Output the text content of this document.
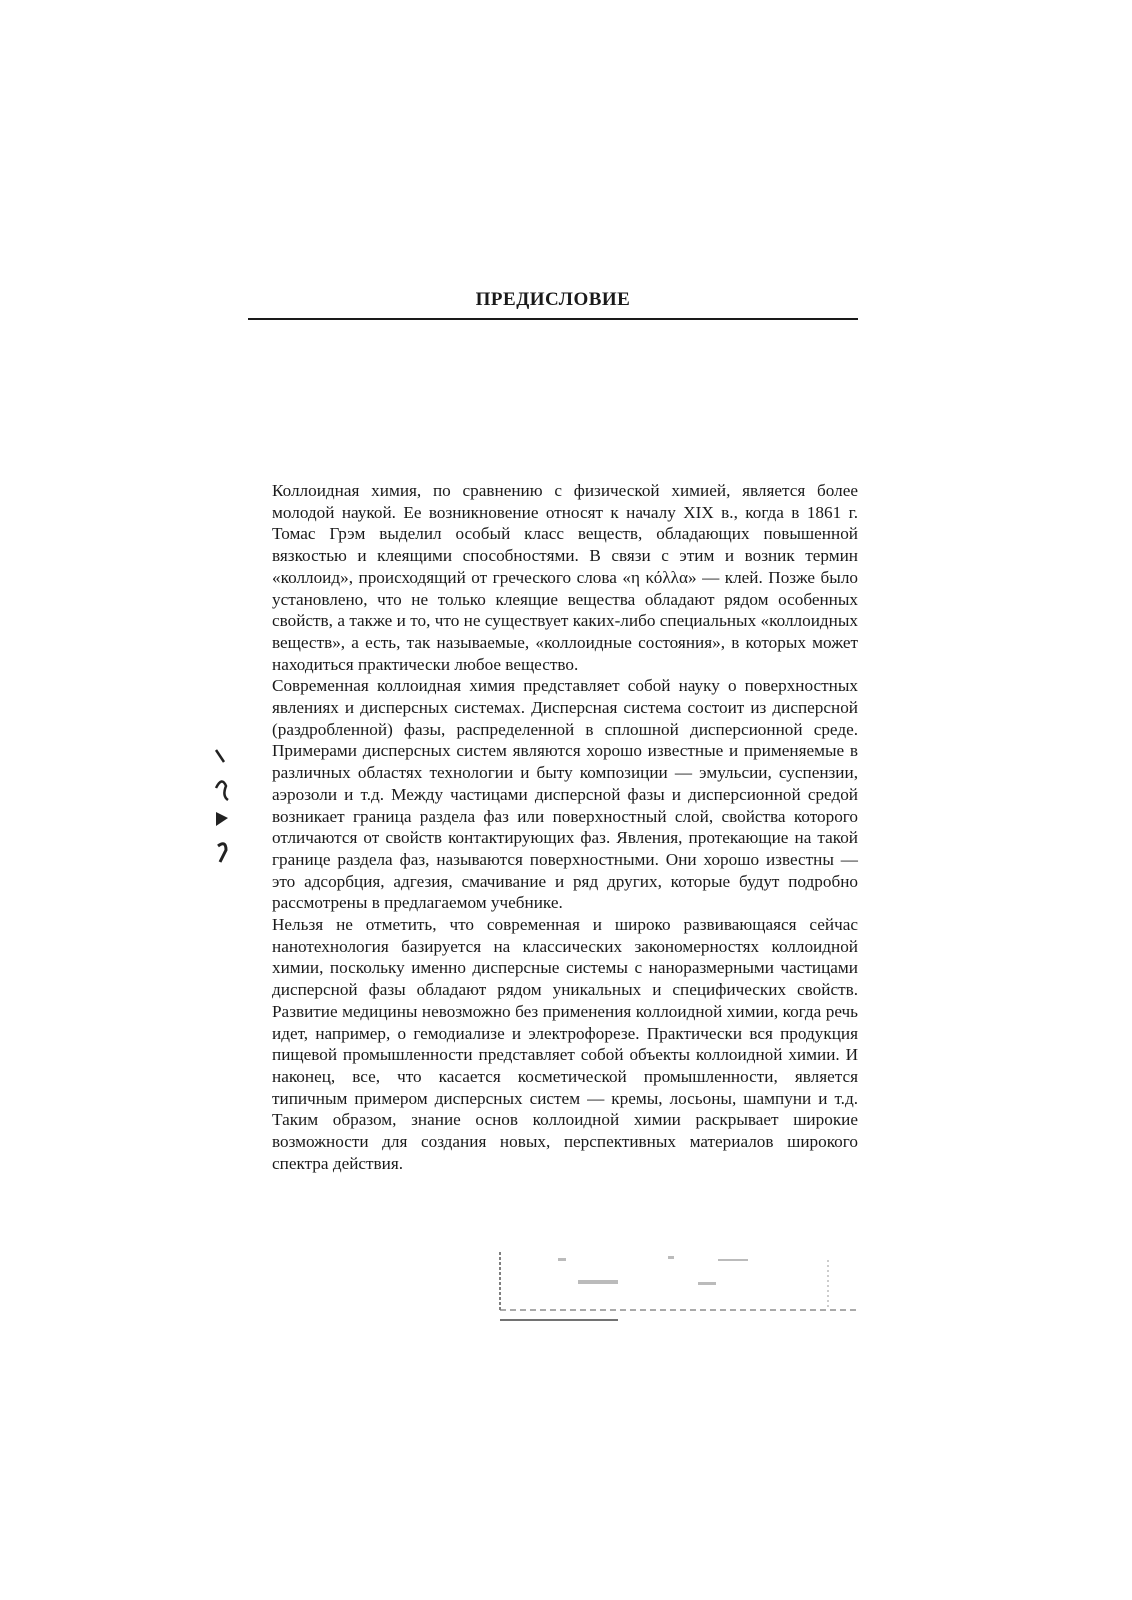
ПРЕДИСЛОВИЕ

Коллоидная химия, по сравнению с физической химией, является более молодой наукой. Ее возникновение относят к началу XIX в., когда в 1861 г. Томас Грэм выделил особый класс веществ, обладающих повышенной вязкостью и клеящими способностями. В связи с этим и возник термин «коллоид», происходящий от греческого слова «η κόλλα» — клей. Позже было установлено, что не только клеящие вещества обладают рядом особенных свойств, а также и то, что не существует каких-либо специальных «коллоидных веществ», а есть, так называемые, «коллоидные состояния», в которых может находиться практически любое вещество.

Современная коллоидная химия представляет собой науку о поверхностных явлениях и дисперсных системах. Дисперсная система состоит из дисперсной (раздробленной) фазы, распределенной в сплошной дисперсионной среде. Примерами дисперсных систем являются хорошо известные и применяемые в различных областях технологии и быту композиции — эмульсии, суспензии, аэрозоли и т.д. Между частицами дисперсной фазы и дисперсионной средой возникает граница раздела фаз или поверхностный слой, свойства которого отличаются от свойств контактирующих фаз. Явления, протекающие на такой границе раздела фаз, называются поверхностными. Они хорошо известны — это адсорбция, адгезия, смачивание и ряд других, которые будут подробно рассмотрены в предлагаемом учебнике.

Нельзя не отметить, что современная и широко развивающаяся сейчас нанотехнология базируется на классических закономерностях коллоидной химии, поскольку именно дисперсные системы с наноразмерными частицами дисперсной фазы обладают рядом уникальных и специфических свойств. Развитие медицины невозможно без применения коллоидной химии, когда речь идет, например, о гемодиализе и электрофорезе. Практически вся продукция пищевой промышленности представляет собой объекты коллоидной химии. И наконец, все, что касается косметической промышленности, является типичным примером дисперсных систем — кремы, лосьоны, шампуни и т.д. Таким образом, знание основ коллоидной химии раскрывает широкие возможности для создания новых, перспективных материалов широкого спектра действия.
